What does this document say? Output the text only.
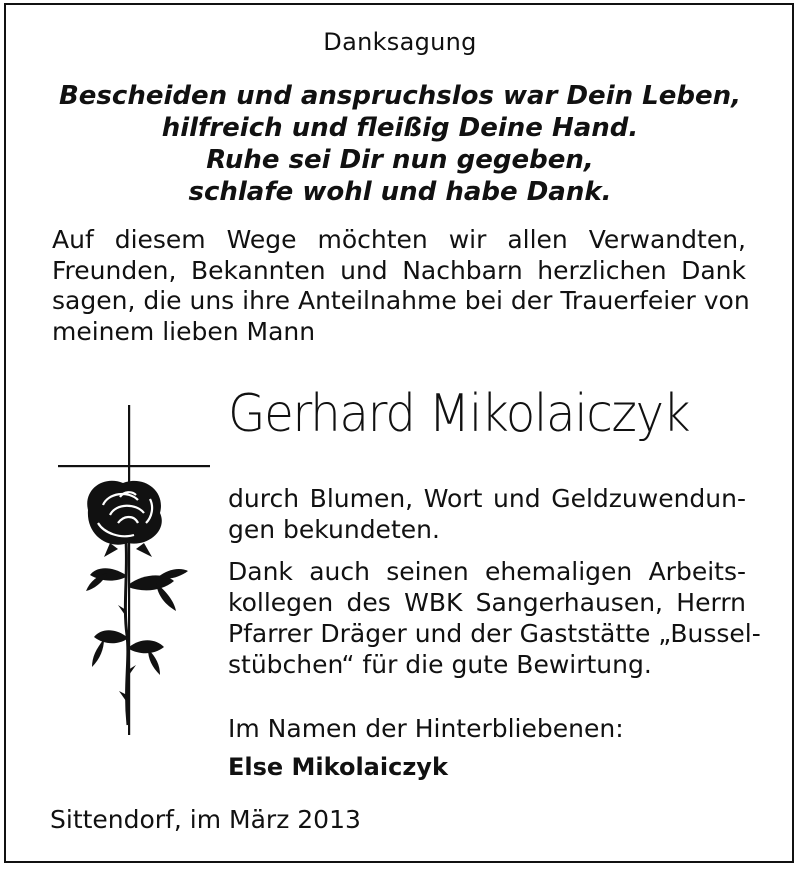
Danksagung
Bescheiden und anspruchslos war Dein Leben,
hilfreich und fleißig Deine Hand.
Ruhe sei Dir nun gegeben,
schlafe wohl und habe Dank.
Auf diesem Wege möchten wir allen Verwandten,
Freunden, Bekannten und Nachbarn herzlichen Dank
sagen, die uns ihre Anteilnahme bei der Trauerfeier von
meinem lieben Mann
Gerhard Mikolaiczyk
durch Blumen, Wort und Geldzuwendun-
gen bekundeten.
Dank auch seinen ehemaligen Arbeits-
kollegen des WBK Sangerhausen, Herrn
Pfarrer Dräger und der Gaststätte „Bussel-
stübchen“ für die gute Bewirtung.
Im Namen der Hinterbliebenen:
Else Mikolaiczyk
Sittendorf, im März 2013
